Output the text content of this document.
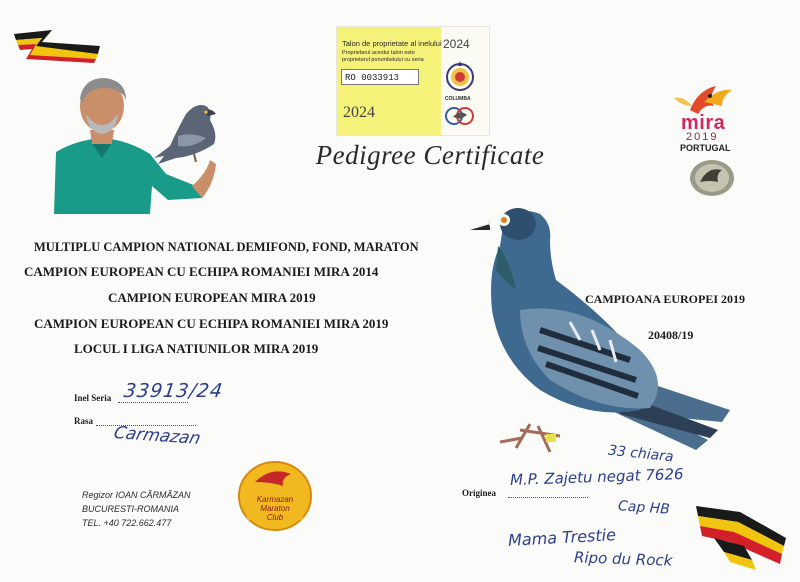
Talon de proprietate al inelului
Proprietarul acestui talon este
proprietarul porumbelului cu seria
RO 0033913
2024
2024
COLUMBA
mira
2019
PORTUGAL
Pedigree Certificate
MULTIPLU CAMPION NATIONAL DEMIFOND, FOND, MARATON
CAMPION EUROPEAN CU ECHIPA ROMANIEI MIRA 2014
CAMPION EUROPEAN MIRA 2019
CAMPION EUROPEAN CU ECHIPA ROMANIEI MIRA 2019
LOCUL I LIGA NATIUNILOR MIRA 2019
CAMPIOANA EUROPEI 2019
20408/19
Inel Seria 33913/24
Rasa
Carmazan
Originea
33 chiara
M.P. Zajetu negat 7626
Cap HB
Mama Trestie
Ripo du Rock
Regizor IOAN CĂRMĂZAN
BUCURESTI-ROMANIA
TEL. +40 722.662.477
Karmazan
Maraton
Club
